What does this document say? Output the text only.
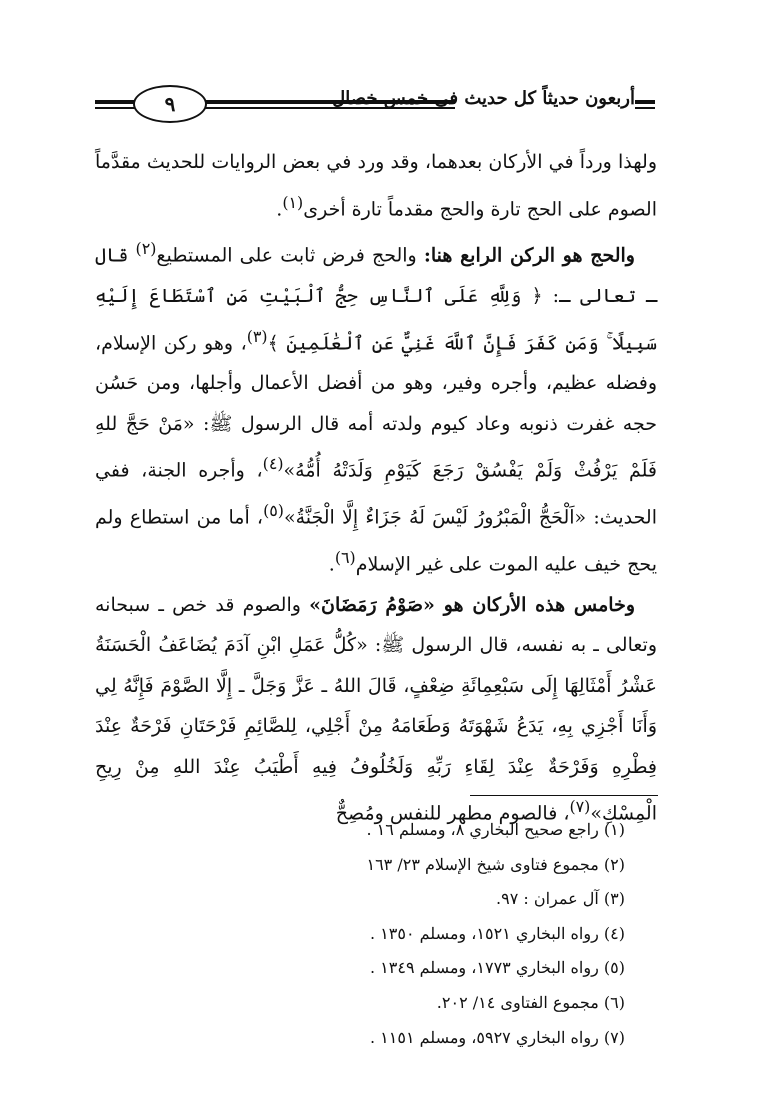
٩	أربعون حديثاً كل حديث في خمس خصال

ولهذا ورداً في الأركان بعدهما، وقد ورد في بعض الروايات للحديث مقدَّماً الصوم على الحج تارة والحج مقدماً تارة أخرى$^{(١)}$.

والحج هو الركن الرابع هنا: والحج فرض ثابت على المستطيع$^{(٢)}$ قال ـ تعالى ـ: ﴿ وَلِلَّهِ عَلَى ٱلنَّاسِ حِجُّ ٱلْبَيْتِ مَنِ ٱسْتَطَاعَ إِلَيْهِ سَبِيلًا ۚ وَمَن كَفَرَ فَإِنَّ ٱللَّهَ غَنِيٌّ عَنِ ٱلْعَٰلَمِينَ ﴾$^{(٣)}$، وهو ركن الإسلام، وفضله عظيم، وأجره وفير، وهو من أفضل الأعمال وأجلها، ومن حَسُن حجه غفرت ذنوبه وعاد كيوم ولدته أمه قال الرسول ﷺ: «مَنْ حَجَّ للهِ فَلَمْ يَرْفُثْ وَلَمْ يَفْسُقْ رَجَعَ كَيَوْمِ وَلَدَتْهُ أُمُّهُ»$^{(٤)}$، وأجره الجنة، ففي الحديث: «اَلْحَجُّ الْمَبْرُورُ لَيْسَ لَهُ جَزَاءٌ إِلَّا الْجَنَّةُ»$^{(٥)}$، أما من استطاع ولم يحج خيف عليه الموت على غير الإسلام$^{(٦)}$.

وخامس هذه الأركان هو «صَوْمُ رَمَضَانَ» والصوم قد خص ـ سبحانه وتعالى ـ به نفسه، قال الرسول ﷺ: «كُلُّ عَمَلِ ابْنِ آدَمَ يُضَاعَفُ الْحَسَنَةُ عَشْرُ أَمْثَالِهَا إِلَى سَبْعِمِائَةِ ضِعْفٍ، قَالَ اللهُ ـ عَزَّ وَجَلَّ ـ إِلَّا الصَّوْمَ فَإِنَّهُ لِي وَأَنَا أَجْزِي بِهِ، يَدَعُ شَهْوَتَهُ وَطَعَامَهُ مِنْ أَجْلِي، لِلصَّائِمِ فَرْحَتَانِ فَرْحَةٌ عِنْدَ فِطْرِهِ وَفَرْحَةٌ عِنْدَ لِقَاءِ رَبِّهِ وَلَخُلُوفُ فِيهِ أَطْيَبُ عِنْدَ اللهِ مِنْ رِيحِ الْمِسْكِ»$^{(٧)}$، فالصوم مطهر للنفس ومُصِحٌّ

(١) راجع صحيح البخاري ٨، ومسلم ١٦ .
(٢) مجموع فتاوى شيخ الإسلام ٢٣/ ١٦٣
(٣) آل عمران : ٩٧.
(٤) رواه البخاري ١٥٢١، ومسلم ١٣٥٠ .
(٥) رواه البخاري ١٧٧٣، ومسلم ١٣٤٩ .
(٦) مجموع الفتاوى ١٤/ ٢٠٢.
(٧) رواه البخاري ٥٩٢٧، ومسلم ١١٥١ .
